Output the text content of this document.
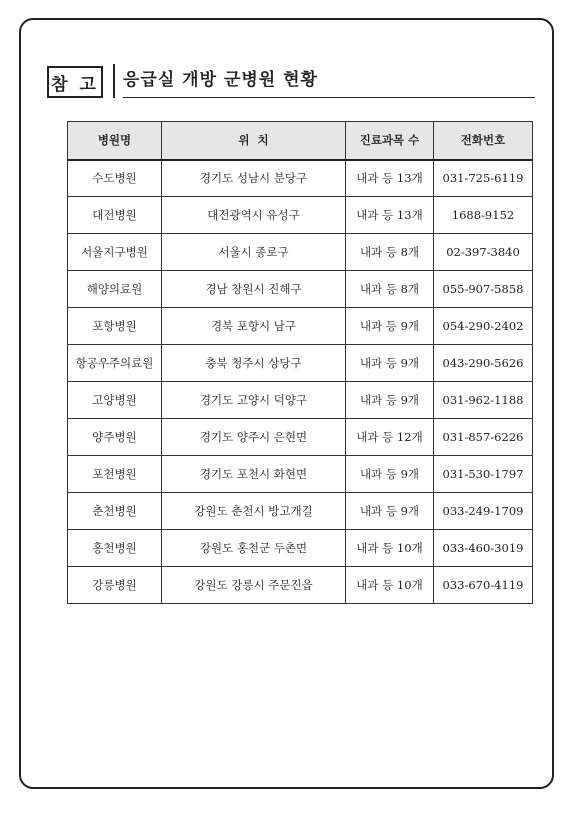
참 고 응급실 개방 군병원 현황
병원명	위  치	진료과목 수	전화번호
수도병원	경기도 성남시 분당구	내과 등 13개	031-725-6119
대전병원	대전광역시 유성구	내과 등 13개	1688-9152
서울지구병원	서울시 종로구	내과 등 8개	02-397-3840
해양의료원	경남 창원시 진해구	내과 등 8개	055-907-5858
포항병원	경북 포항시 남구	내과 등 9개	054-290-2402
항공우주의료원	충북 청주시 상당구	내과 등 9개	043-290-5626
고양병원	경기도 고양시 덕양구	내과 등 9개	031-962-1188
양주병원	경기도 양주시 은현면	내과 등 12개	031-857-6226
포천병원	경기도 포천시 화현면	내과 등 9개	031-530-1797
춘천병원	강원도 춘천시 방고개길	내과 등 9개	033-249-1709
홍천병원	강원도 홍천군 두촌면	내과 등 10개	033-460-3019
강릉병원	강원도 강릉시 주문진읍	내과 등 10개	033-670-4119
